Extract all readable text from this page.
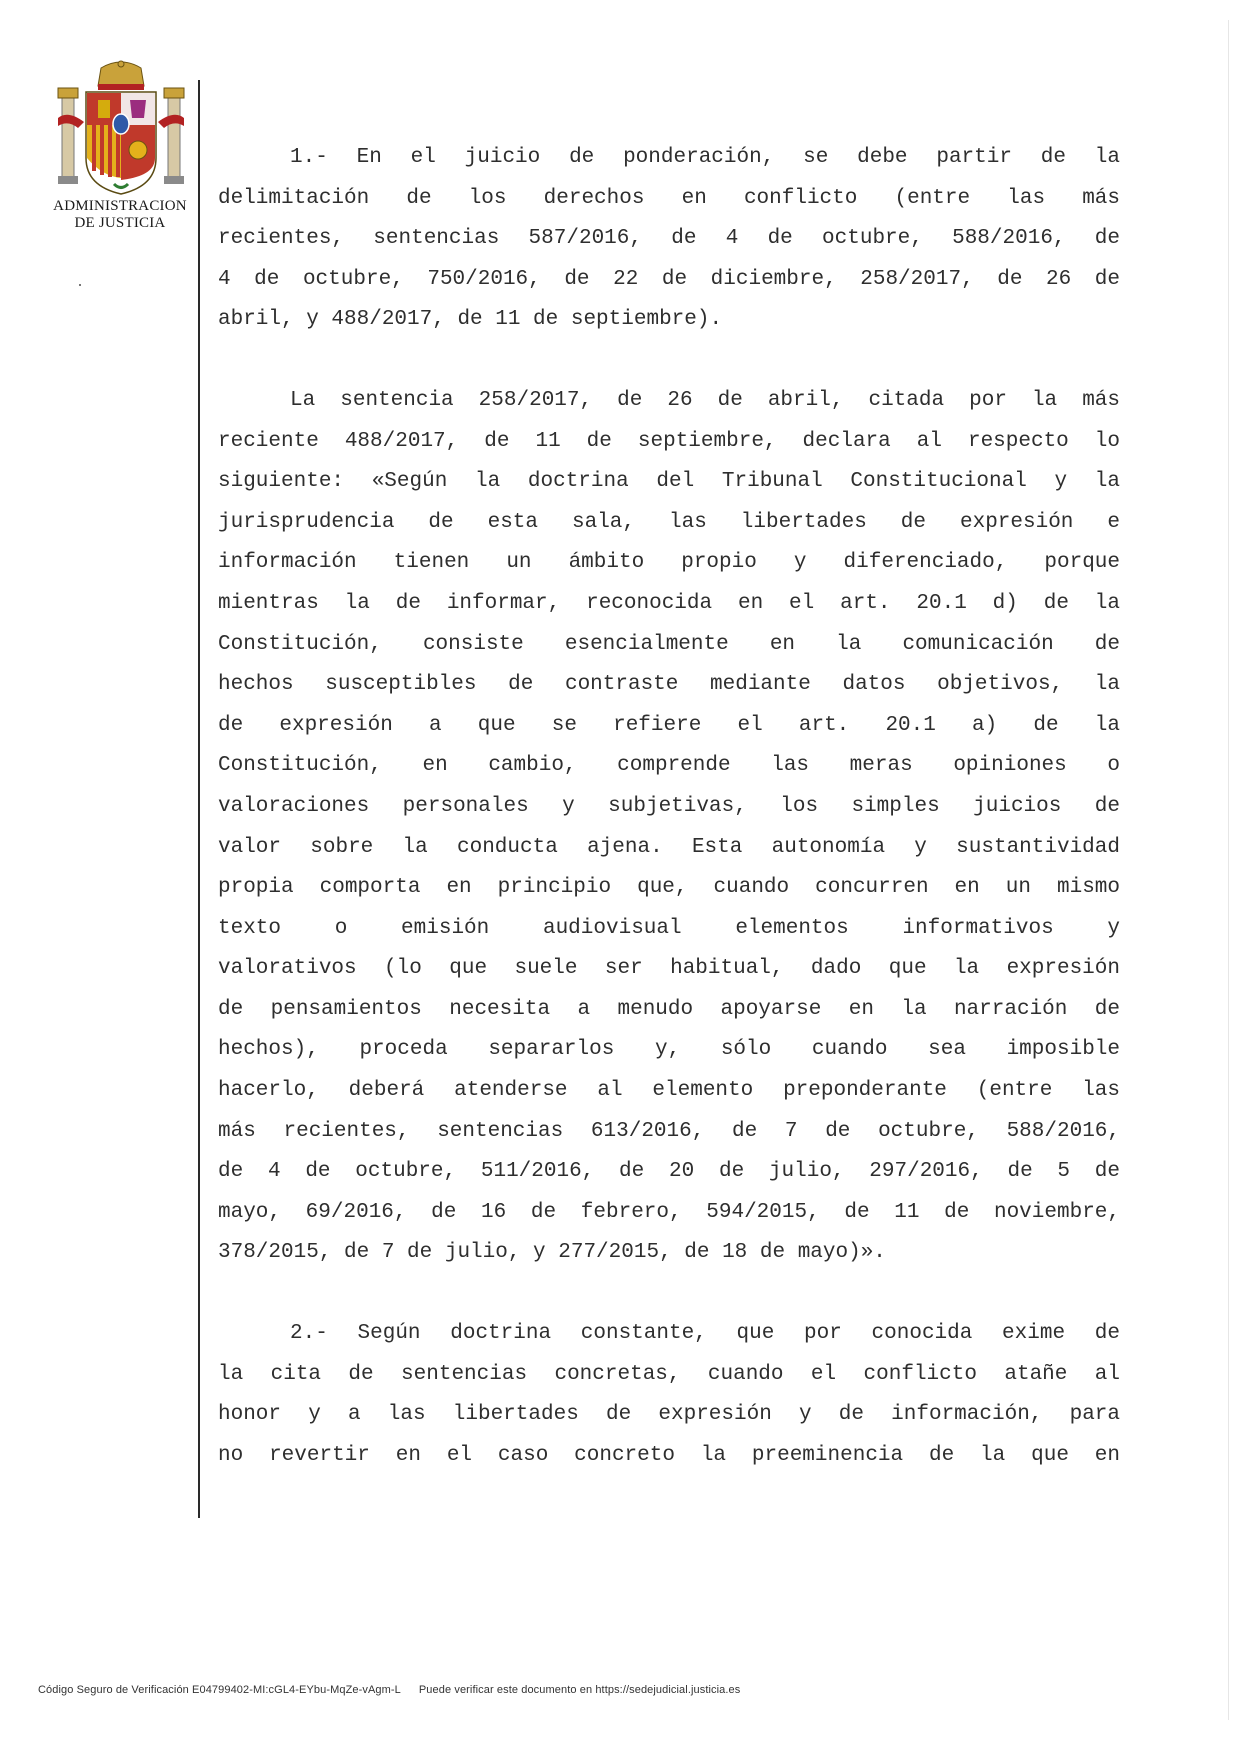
ADMINISTRACION
DE JUSTICIA
1.- En el juicio de ponderación, se debe partir de la
delimitación de los derechos en conflicto (entre las más
recientes, sentencias 587/2016, de 4 de octubre, 588/2016, de
4 de octubre, 750/2016, de 22 de diciembre, 258/2017, de 26 de
abril, y 488/2017, de 11 de septiembre).
La sentencia 258/2017, de 26 de abril, citada por la más
reciente 488/2017, de 11 de septiembre, declara al respecto lo
siguiente: «Según la doctrina del Tribunal Constitucional y la
jurisprudencia de esta sala, las libertades de expresión e
información tienen un ámbito propio y diferenciado, porque
mientras la de informar, reconocida en el art. 20.1 d) de la
Constitución, consiste esencialmente en la comunicación de
hechos susceptibles de contraste mediante datos objetivos, la
de expresión a que se refiere el art. 20.1 a) de la
Constitución, en cambio, comprende las meras opiniones o
valoraciones personales y subjetivas, los simples juicios de
valor sobre la conducta ajena. Esta autonomía y sustantividad
propia comporta en principio que, cuando concurren en un mismo
texto o emisión audiovisual elementos informativos y
valorativos (lo que suele ser habitual, dado que la expresión
de pensamientos necesita a menudo apoyarse en la narración de
hechos), proceda separarlos y, sólo cuando sea imposible
hacerlo, deberá atenderse al elemento preponderante (entre las
más recientes, sentencias 613/2016, de 7 de octubre, 588/2016,
de 4 de octubre, 511/2016, de 20 de julio, 297/2016, de 5 de
mayo, 69/2016, de 16 de febrero, 594/2015, de 11 de noviembre,
378/2015, de 7 de julio, y 277/2015, de 18 de mayo)».
2.- Según doctrina constante, que por conocida exime de
la cita de sentencias concretas, cuando el conflicto atañe al
honor y a las libertades de expresión y de información, para
no revertir en el caso concreto la preeminencia de la que en
Código Seguro de Verificación E04799402-MI:cGL4-EYbu-MqZe-vAgm-L Puede verificar este documento en https://sedejudicial.justicia.es
